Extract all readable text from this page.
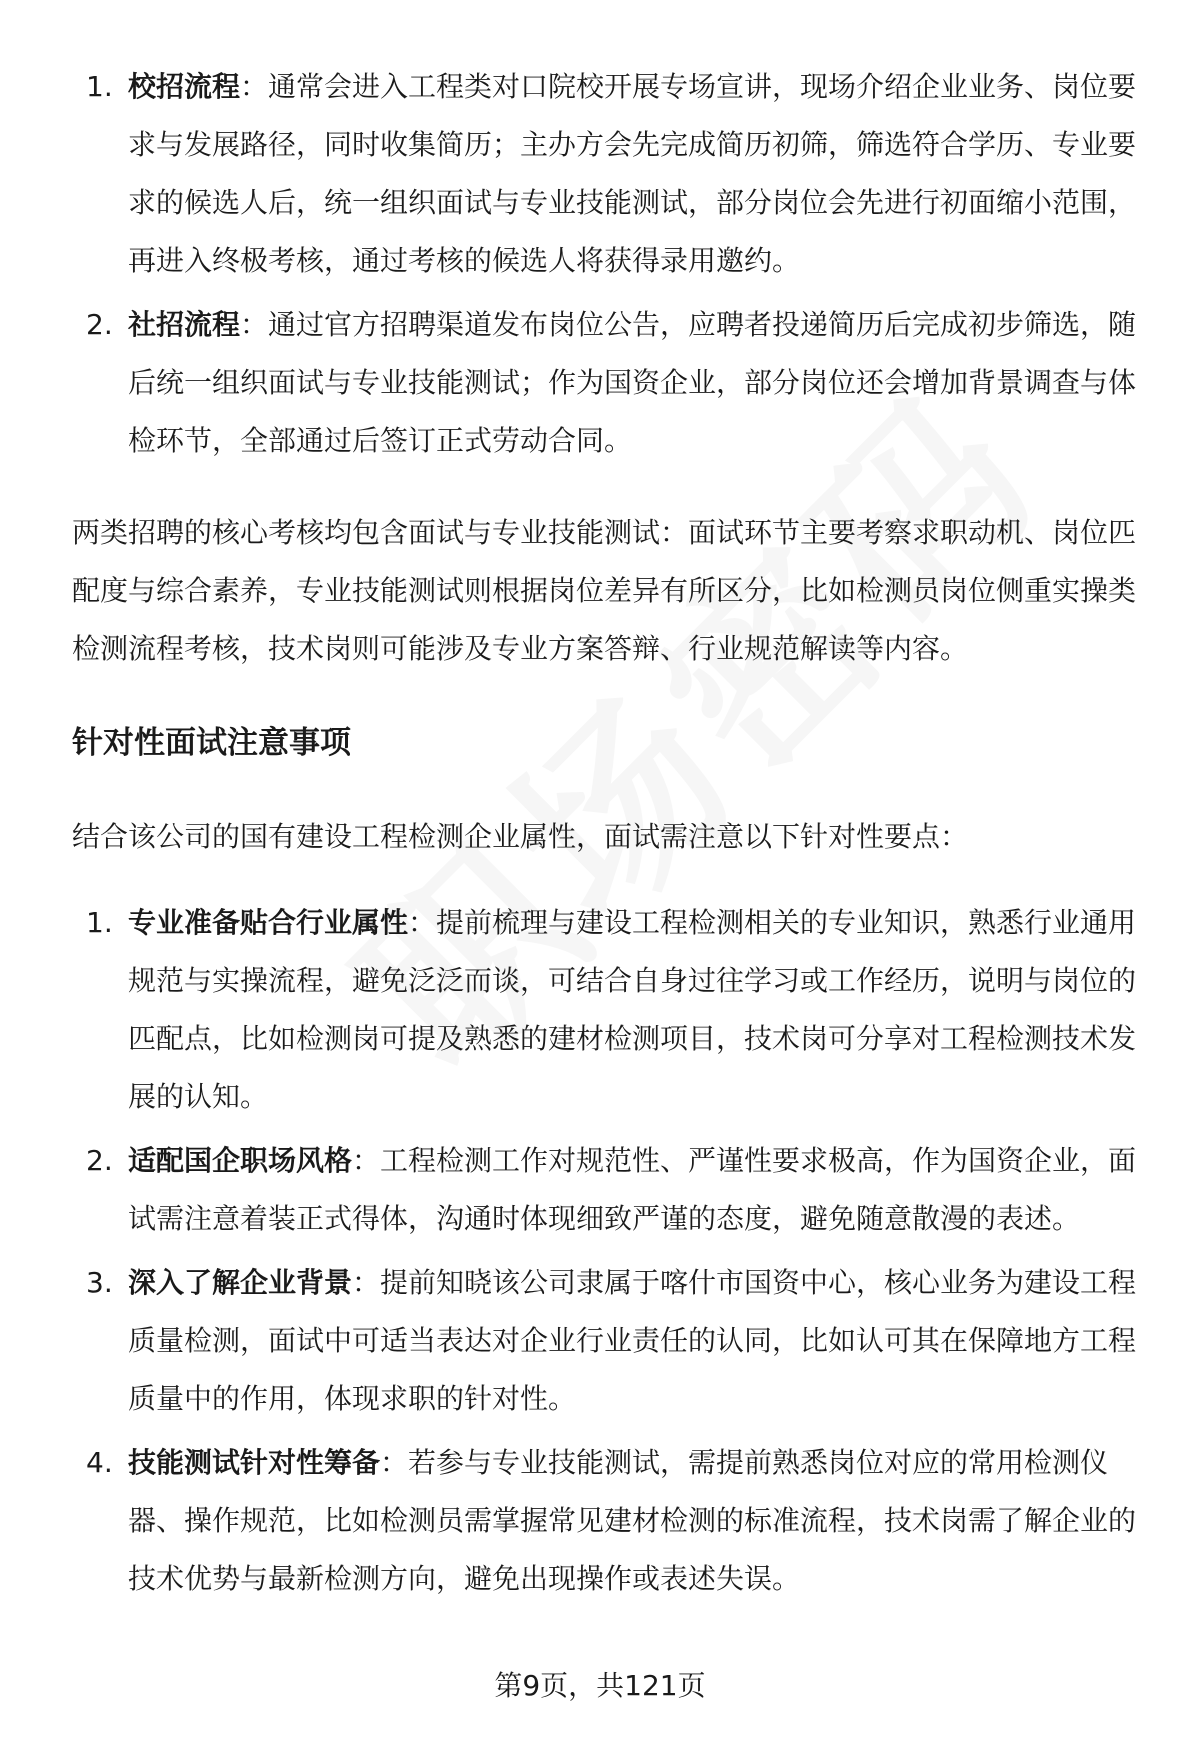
1. 校招流程：通常会进入工程类对口院校开展专场宣讲，现场介绍企业业务、岗位要求与发展路径，同时收集简历；主办方会先完成简历初筛，筛选符合学历、专业要求的候选人后，统一组织面试与专业技能测试，部分岗位会先进行初面缩小范围，再进入终极考核，通过考核的候选人将获得录用邀约。
2. 社招流程：通过官方招聘渠道发布岗位公告，应聘者投递简历后完成初步筛选，随后统一组织面试与专业技能测试；作为国资企业，部分岗位还会增加背景调查与体检环节，全部通过后签订正式劳动合同。

两类招聘的核心考核均包含面试与专业技能测试：面试环节主要考察求职动机、岗位匹配度与综合素养，专业技能测试则根据岗位差异有所区分，比如检测员岗位侧重实操类检测流程考核，技术岗则可能涉及专业方案答辩、行业规范解读等内容。

针对性面试注意事项

结合该公司的国有建设工程检测企业属性，面试需注意以下针对性要点：

1. 专业准备贴合行业属性：提前梳理与建设工程检测相关的专业知识，熟悉行业通用规范与实操流程，避免泛泛而谈，可结合自身过往学习或工作经历，说明与岗位的匹配点，比如检测岗可提及熟悉的建材检测项目，技术岗可分享对工程检测技术发展的认知。
2. 适配国企职场风格：工程检测工作对规范性、严谨性要求极高，作为国资企业，面试需注意着装正式得体，沟通时体现细致严谨的态度，避免随意散漫的表述。
3. 深入了解企业背景：提前知晓该公司隶属于喀什市国资中心，核心业务为建设工程质量检测，面试中可适当表达对企业行业责任的认同，比如认可其在保障地方工程质量中的作用，体现求职的针对性。
4. 技能测试针对性筹备：若参与专业技能测试，需提前熟悉岗位对应的常用检测仪器、操作规范，比如检测员需掌握常见建材检测的标准流程，技术岗需了解企业的技术优势与最新检测方向，避免出现操作或表述失误。
第9页，共121页
